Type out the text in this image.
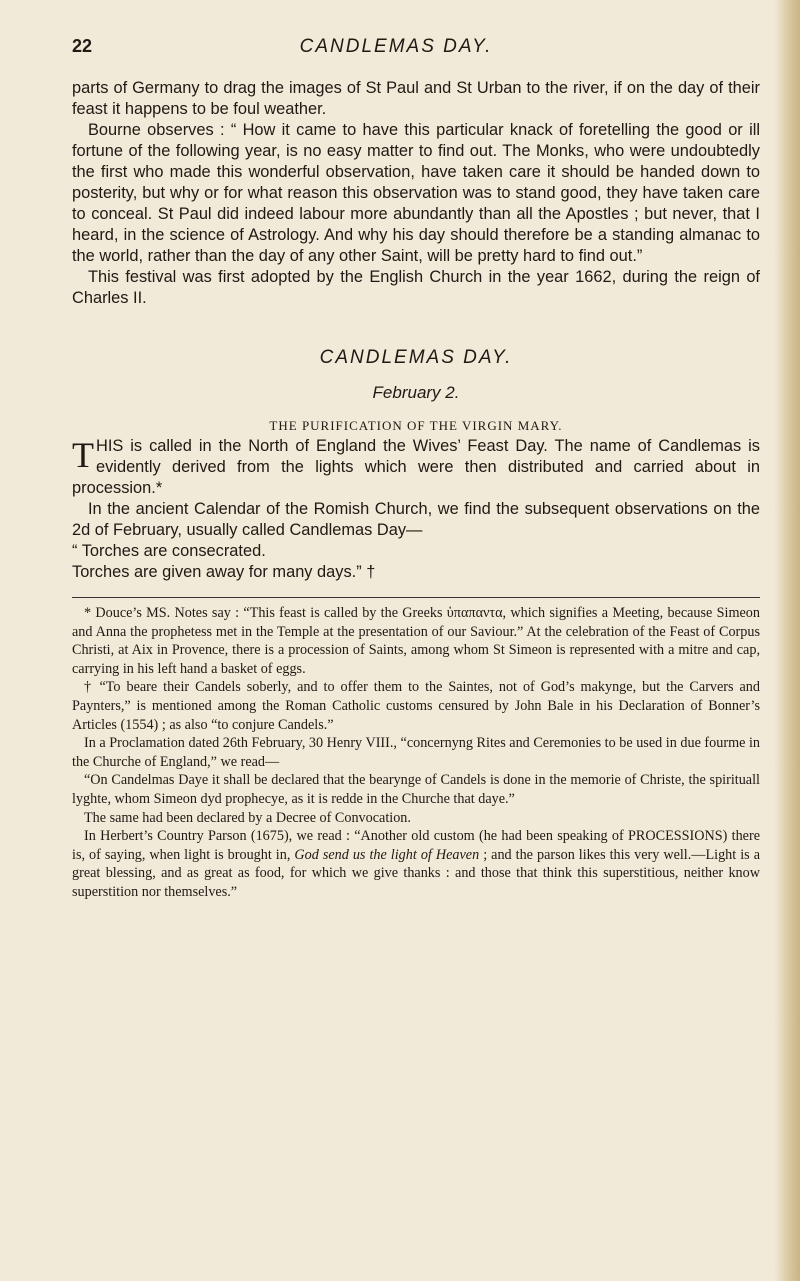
22	CANDLEMAS DAY.

parts of Germany to drag the images of St Paul and St Urban to the river, if on the day of their feast it happens to be foul weather.

Bourne observes : “ How it came to have this particular knack of foretelling the good or ill fortune of the following year, is no easy matter to find out. The Monks, who were undoubtedly the first who made this wonderful observation, have taken care it should be handed down to posterity, but why or for what reason this observation was to stand good, they have taken care to conceal. St Paul did indeed labour more abundantly than all the Apostles ; but never, that I heard, in the science of Astrology. And why his day should therefore be a standing almanac to the world, rather than the day of any other Saint, will be pretty hard to find out.”

This festival was first adopted by the English Church in the year 1662, during the reign of Charles II.

CANDLEMAS DAY.
February 2.
THE PURIFICATION OF THE VIRGIN MARY.

THIS is called in the North of England the Wives’ Feast Day. The name of Candlemas is evidently derived from the lights which were then distributed and carried about in procession.*

In the ancient Calendar of the Romish Church, we find the subsequent observations on the 2d of February, usually called Candlemas Day—

“ Torches are consecrated.

Torches are given away for many days.” †

* Douce’s MS. Notes say : “This feast is called by the Greeks ὑπαπαντα, which signifies a Meeting, because Simeon and Anna the prophetess met in the Temple at the presentation of our Saviour.” At the celebration of the Feast of Corpus Christi, at Aix in Provence, there is a procession of Saints, among whom St Simeon is represented with a mitre and cap, carrying in his left hand a basket of eggs.

† “To beare their Candels soberly, and to offer them to the Saintes, not of God’s makynge, but the Carvers and Paynters,” is mentioned among the Roman Catholic customs censured by John Bale in his Declaration of Bonner’s Articles (1554) ; as also “to conjure Candels.”

In a Proclamation dated 26th February, 30 Henry VIII., “concernyng Rites and Ceremonies to be used in due fourme in the Churche of England,” we read—

“On Candelmas Daye it shall be declared that the bearynge of Candels is done in the memorie of Christe, the spirituall lyghte, whom Simeon dyd prophecye, as it is redde in the Churche that daye.”

The same had been declared by a Decree of Convocation.

In Herbert’s Country Parson (1675), we read : “Another old custom (he had been speaking of PROCESSIONS) there is, of saying, when light is brought in, God send us the light of Heaven ; and the parson likes this very well.—Light is a great blessing, and as great as food, for which we give thanks : and those that think this superstitious, neither know superstition nor themselves.”
